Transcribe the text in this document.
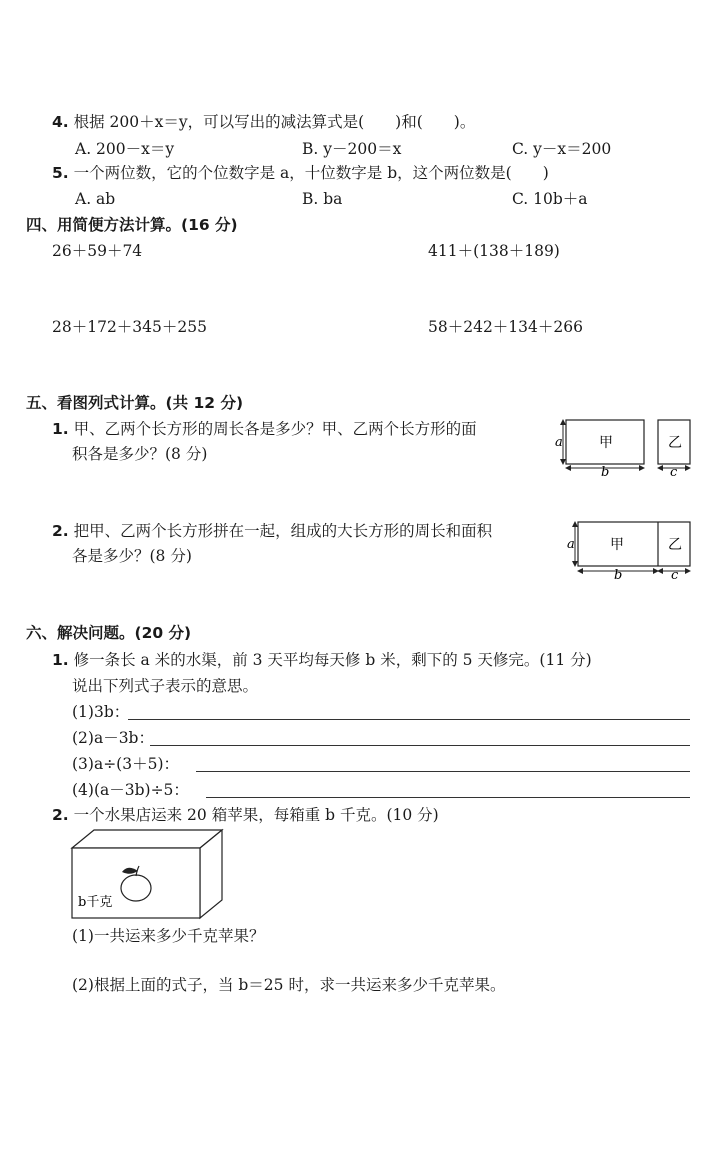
4. 根据 200＋x＝y，可以写出的减法算式是(　　)和(　　)。
A. 200－x＝y	B. y－200＝x	C. y－x＝200
5. 一个两位数，它的个位数字是 a，十位数字是 b，这个两位数是(　　)
A. ab	B. ba	C. 10b＋a
四、用简便方法计算。(16 分)
26＋59＋74	411＋(138＋189)
28＋172＋345＋255	58＋242＋134＋266
五、看图列式计算。(共 12 分)
1. 甲、乙两个长方形的周长各是多少？甲、乙两个长方形的面
积各是多少？(8 分)
a	甲
b
乙
c
2. 把甲、乙两个长方形拼在一起，组成的大长方形的周长和面积
各是多少？(8 分)
a	甲	乙
b	c
六、解决问题。(20 分)
1. 修一条长 a 米的水渠，前 3 天平均每天修 b 米，剩下的 5 天修完。(11 分)
说出下列式子表示的意思。
(1)3b：
(2)a－3b：
(3)a÷(3＋5)：
(4)(a－3b)÷5：
2. 一个水果店运来 20 箱苹果，每箱重 b 千克。(10 分)
b千克
(1)一共运来多少千克苹果？
(2)根据上面的式子，当 b＝25 时，求一共运来多少千克苹果。
